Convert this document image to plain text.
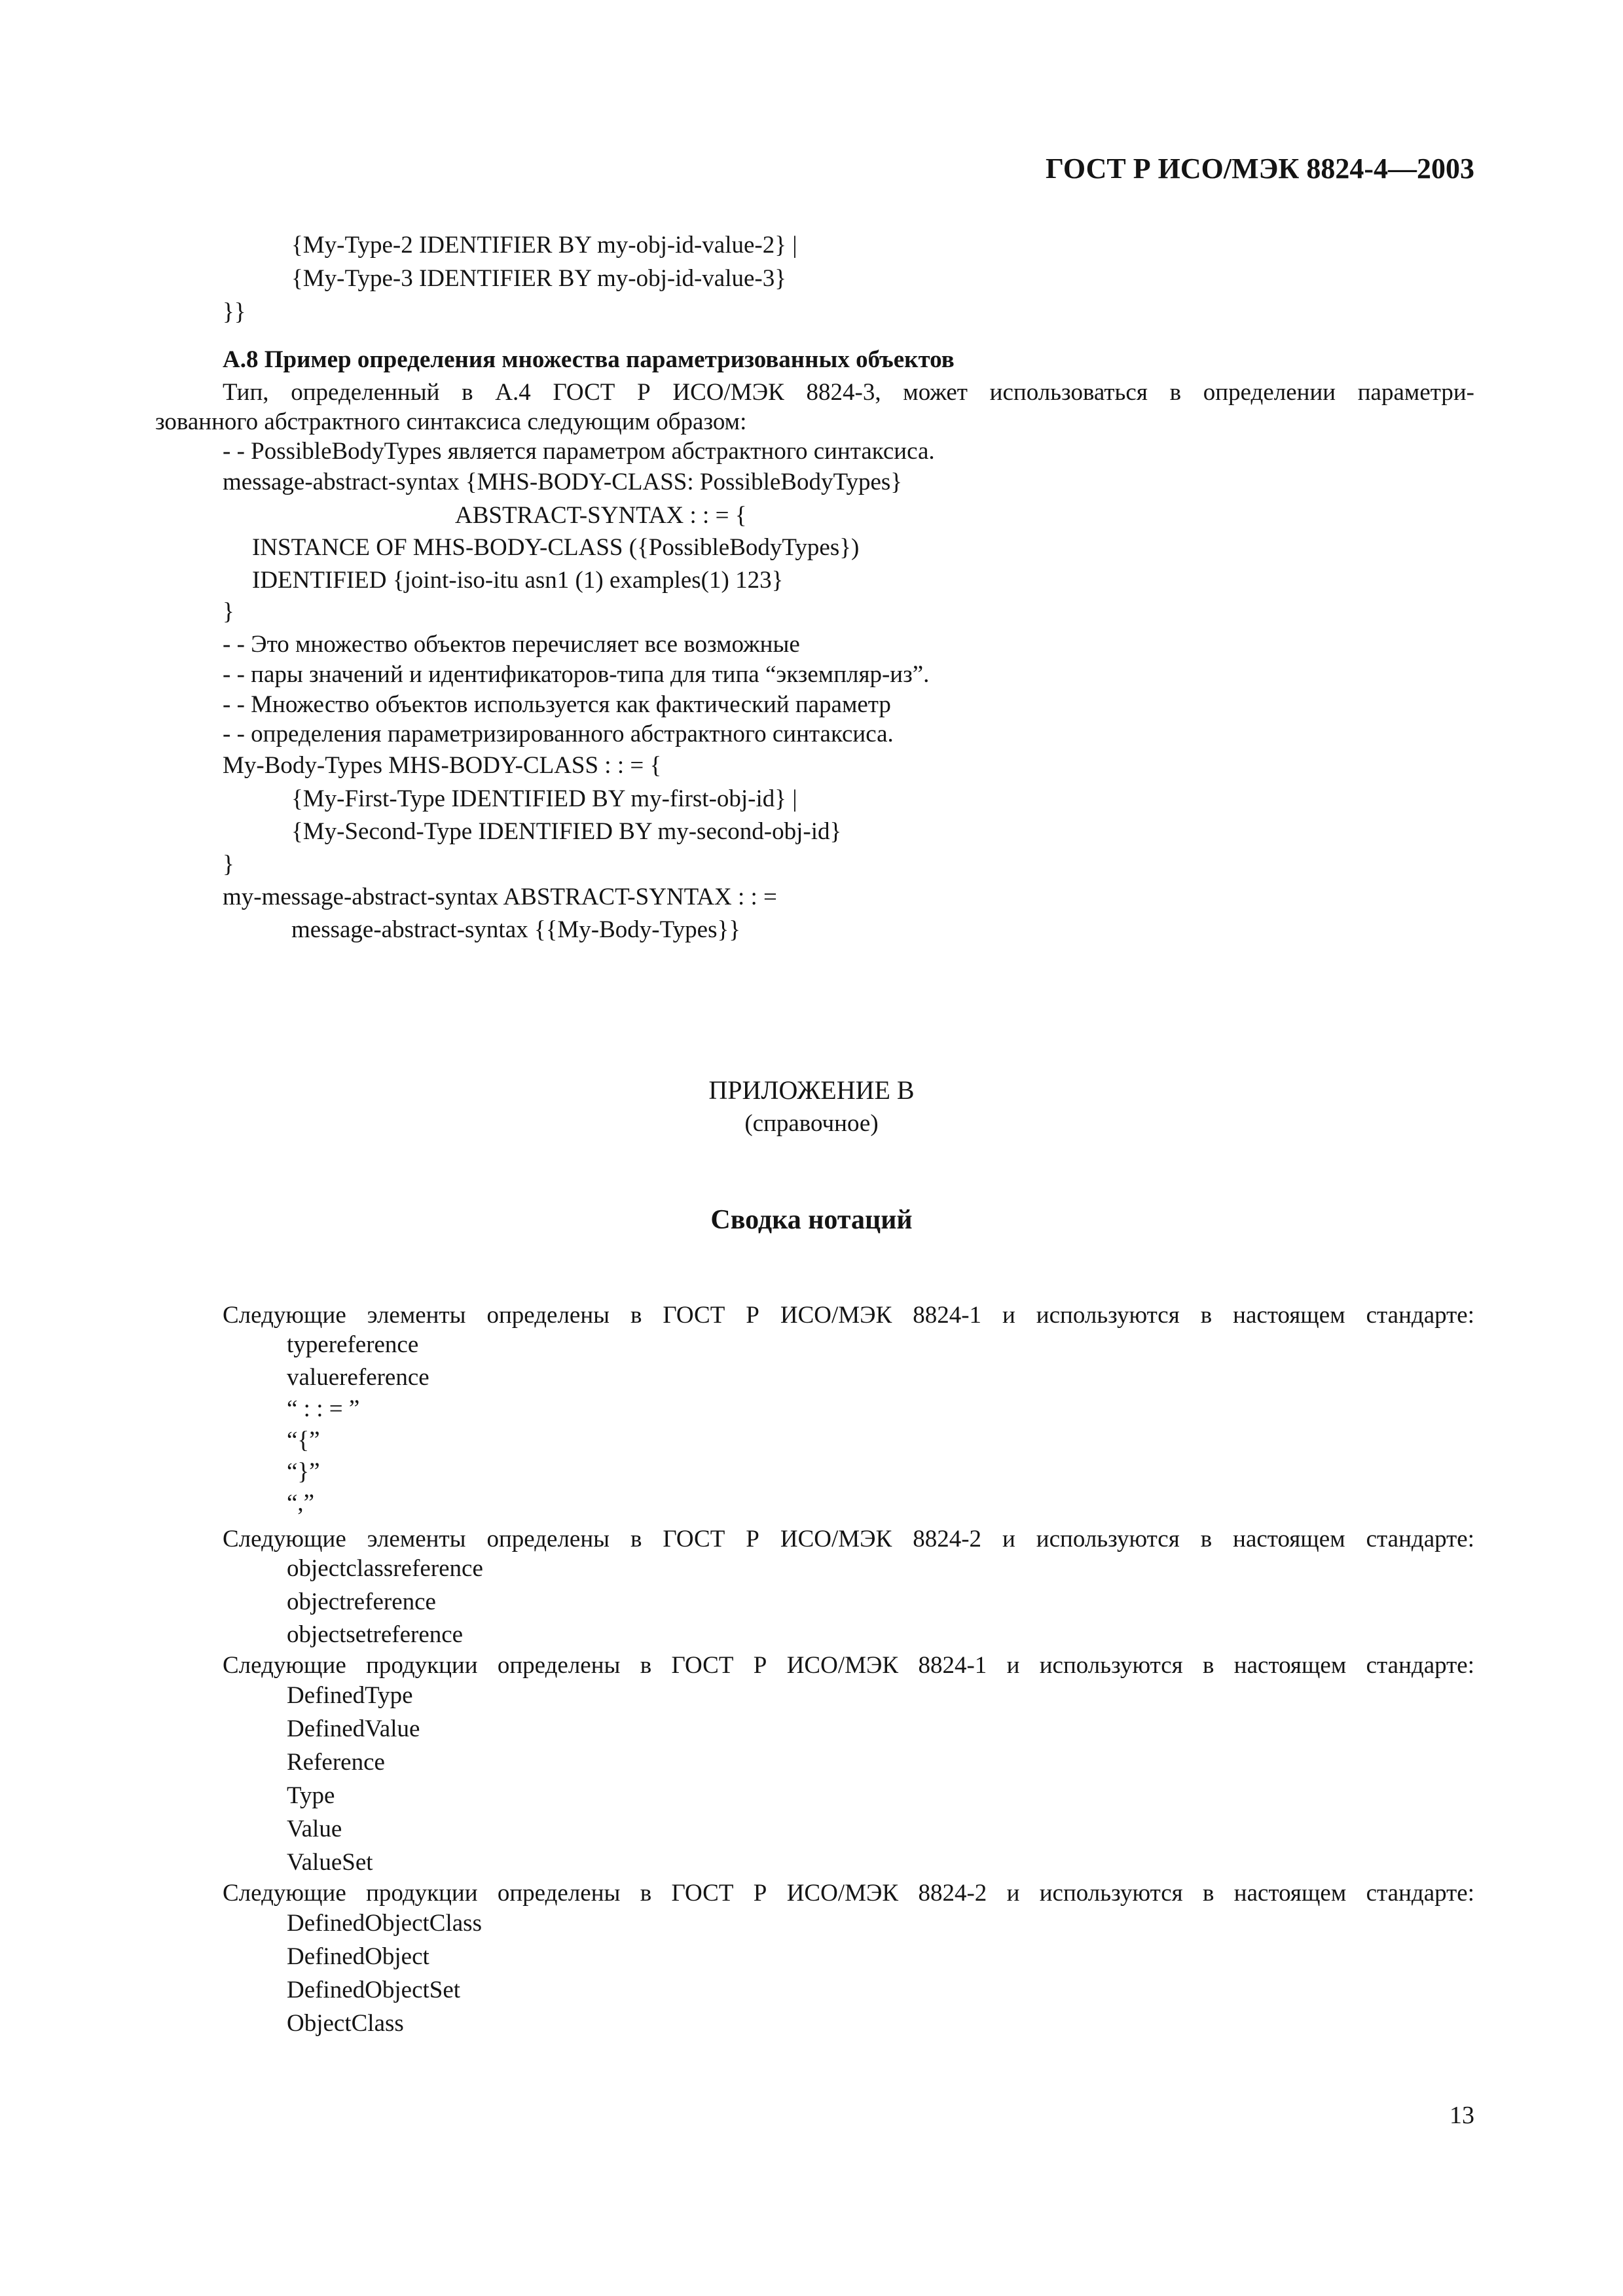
ГОСТ Р ИСО/МЭК 8824-4—2003
{My-Type-2 IDENTIFIER BY my-obj-id-value-2} |
{My-Type-3 IDENTIFIER BY my-obj-id-value-3}
}}
А.8 Пример определения множества параметризованных объектов
Тип, определенный в А.4 ГОСТ Р ИСО/МЭК 8824-3, может использоваться в определении параметри-
зованного абстрактного синтаксиса следующим образом:
- - PossibleBodyTypes является параметром абстрактного синтаксиса.
message-abstract-syntax {MHS-BODY-CLASS: PossibleBodyTypes}
ABSTRACT-SYNTAX : : = {
INSTANCE OF MHS-BODY-CLASS ({PossibleBodyTypes})
IDENTIFIED {joint-iso-itu asn1 (1) examples(1) 123}
}
- - Это множество объектов перечисляет все возможные
- - пары значений и идентификаторов-типа для типа “экземпляр-из”.
- - Множество объектов используется как фактический параметр
- - определения параметризированного абстрактного синтаксиса.
My-Body-Types MHS-BODY-CLASS : : = {
{My-First-Type IDENTIFIED BY my-first-obj-id} |
{My-Second-Type IDENTIFIED BY my-second-obj-id}
}
my-message-abstract-syntax ABSTRACT-SYNTAX : : =
message-abstract-syntax {{My-Body-Types}}
ПРИЛОЖЕНИЕ В
(справочное)
Сводка нотаций
Следующие элементы определены в ГОСТ Р ИСО/МЭК 8824-1 и используются в настоящем стандарте:
typereference
valuereference
“ : : = ”
“{”
“}”
“,”
Следующие элементы определены в ГОСТ Р ИСО/МЭК 8824-2 и используются в настоящем стандарте:
objectclassreference
objectreference
objectsetreference
Следующие продукции определены в ГОСТ Р ИСО/МЭК 8824-1 и используются в настоящем стандарте:
DefinedType
DefinedValue
Reference
Type
Value
ValueSet
Следующие продукции определены в ГОСТ Р ИСО/МЭК 8824-2 и используются в настоящем стандарте:
DefinedObjectClass
DefinedObject
DefinedObjectSet
ObjectClass
13
